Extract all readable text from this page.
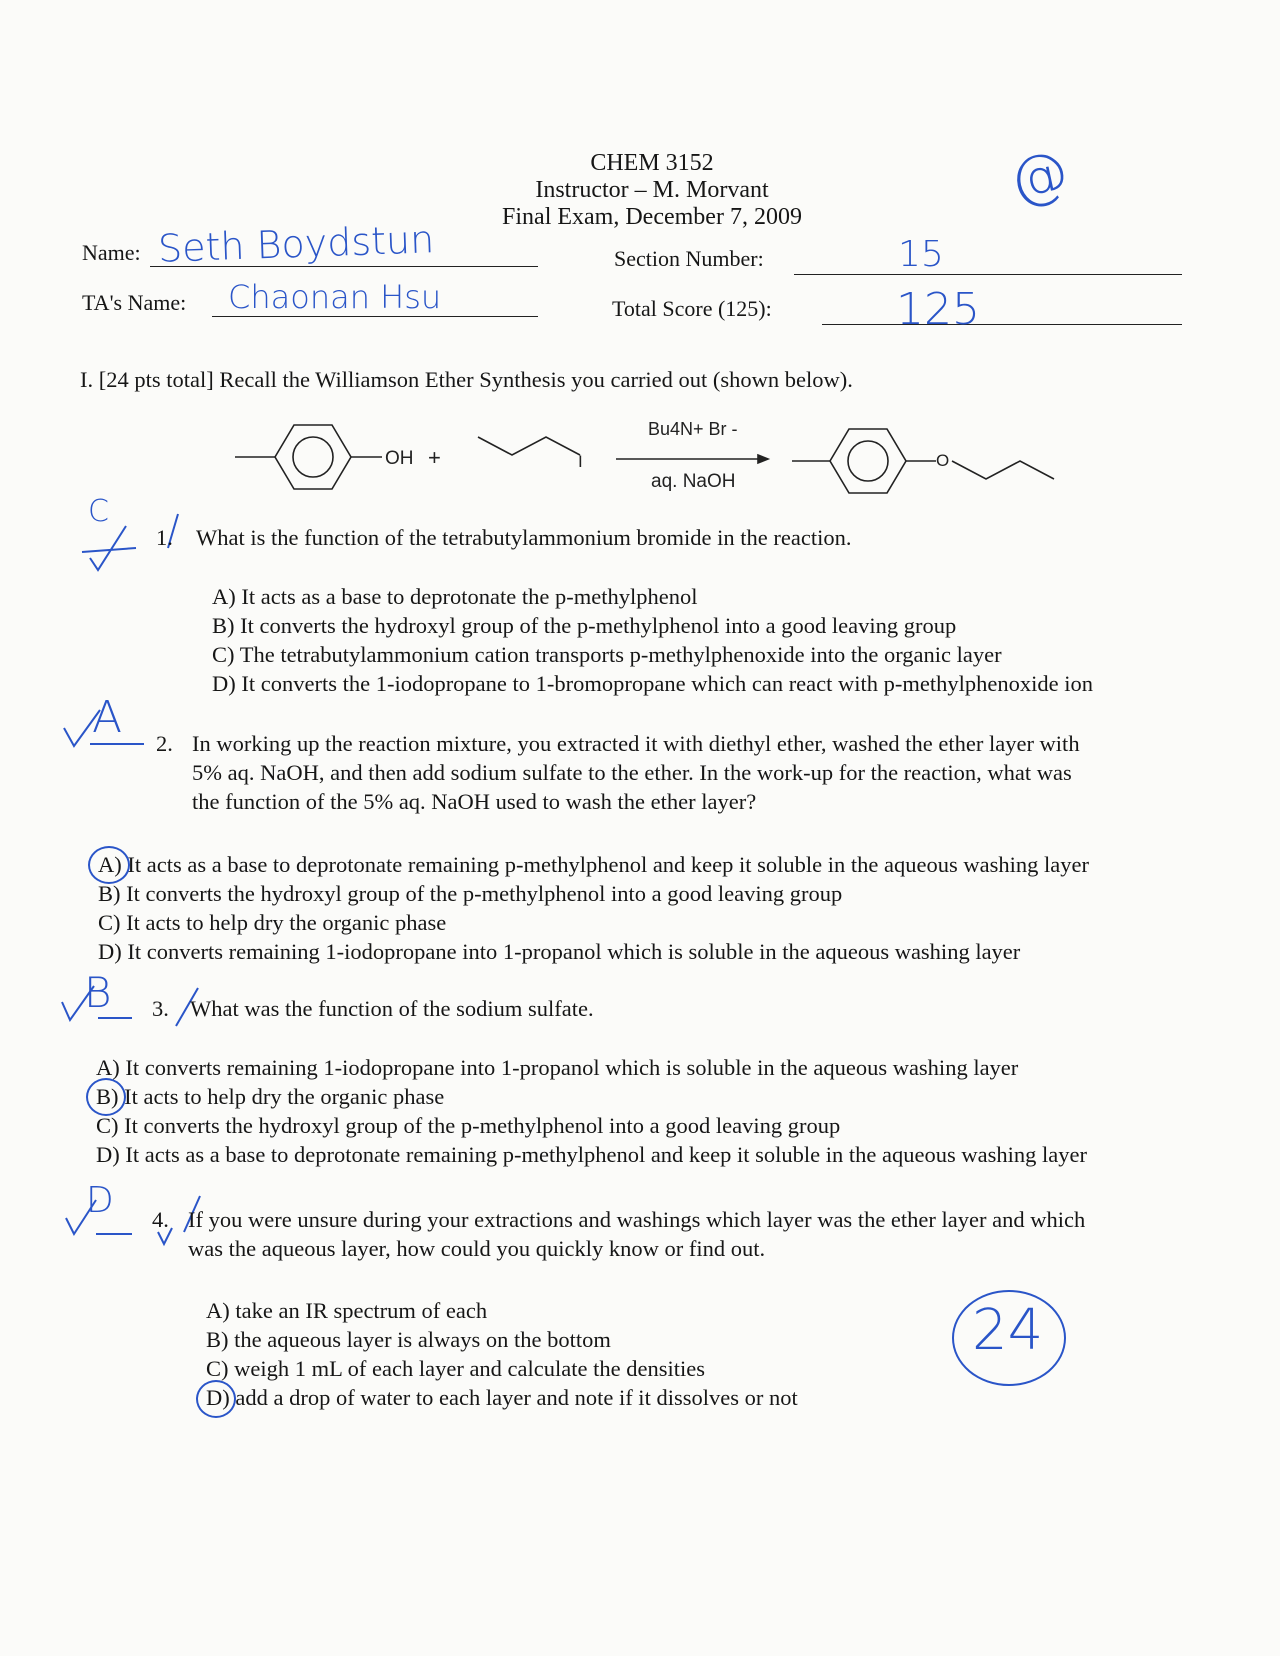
CHEM 3152
Instructor – M. Morvant
Final Exam, December 7, 2009
@
Name: Seth Boydstun
TA's Name: Chaonan Hsu
Section Number:	15
Total Score (125):	125
I. [24 pts total] Recall the Williamson Ether Synthesis you carried out (shown below).
OH +	I
Bu4N+ Br -
aq. NaOH
O
C
1. What is the function of the tetrabutylammonium bromide in the reaction.
A) It acts as a base to deprotonate the p-methylphenol
B) It converts the hydroxyl group of the p-methylphenol into a good leaving group
C) The tetrabutylammonium cation transports p-methylphenoxide into the organic layer
D) It converts the 1-iodopropane to 1-bromopropane which can react with p-methylphenoxide ion
A
2. In working up the reaction mixture, you extracted it with diethyl ether, washed the ether layer with
5% aq. NaOH, and then add sodium sulfate to the ether. In the work-up for the reaction, what was
the function of the 5% aq. NaOH used to wash the ether layer?
A) It acts as a base to deprotonate remaining p-methylphenol and keep it soluble in the aqueous washing layer
B) It converts the hydroxyl group of the p-methylphenol into a good leaving group
C) It acts to help dry the organic phase
D) It converts remaining 1-iodopropane into 1-propanol which is soluble in the aqueous washing layer
B 3. What was the function of the sodium sulfate.
A) It converts remaining 1-iodopropane into 1-propanol which is soluble in the aqueous washing layer
B) It acts to help dry the organic phase
C) It converts the hydroxyl group of the p-methylphenol into a good leaving group
D) It acts as a base to deprotonate remaining p-methylphenol and keep it soluble in the aqueous washing layer
D 4. If you were unsure during your extractions and washings which layer was the ether layer and which
was the aqueous layer, how could you quickly know or find out.
A) take an IR spectrum of each
B) the aqueous layer is always on the bottom
C) weigh 1 mL of each layer and calculate the densities
D) add a drop of water to each layer and note if it dissolves or not
24
